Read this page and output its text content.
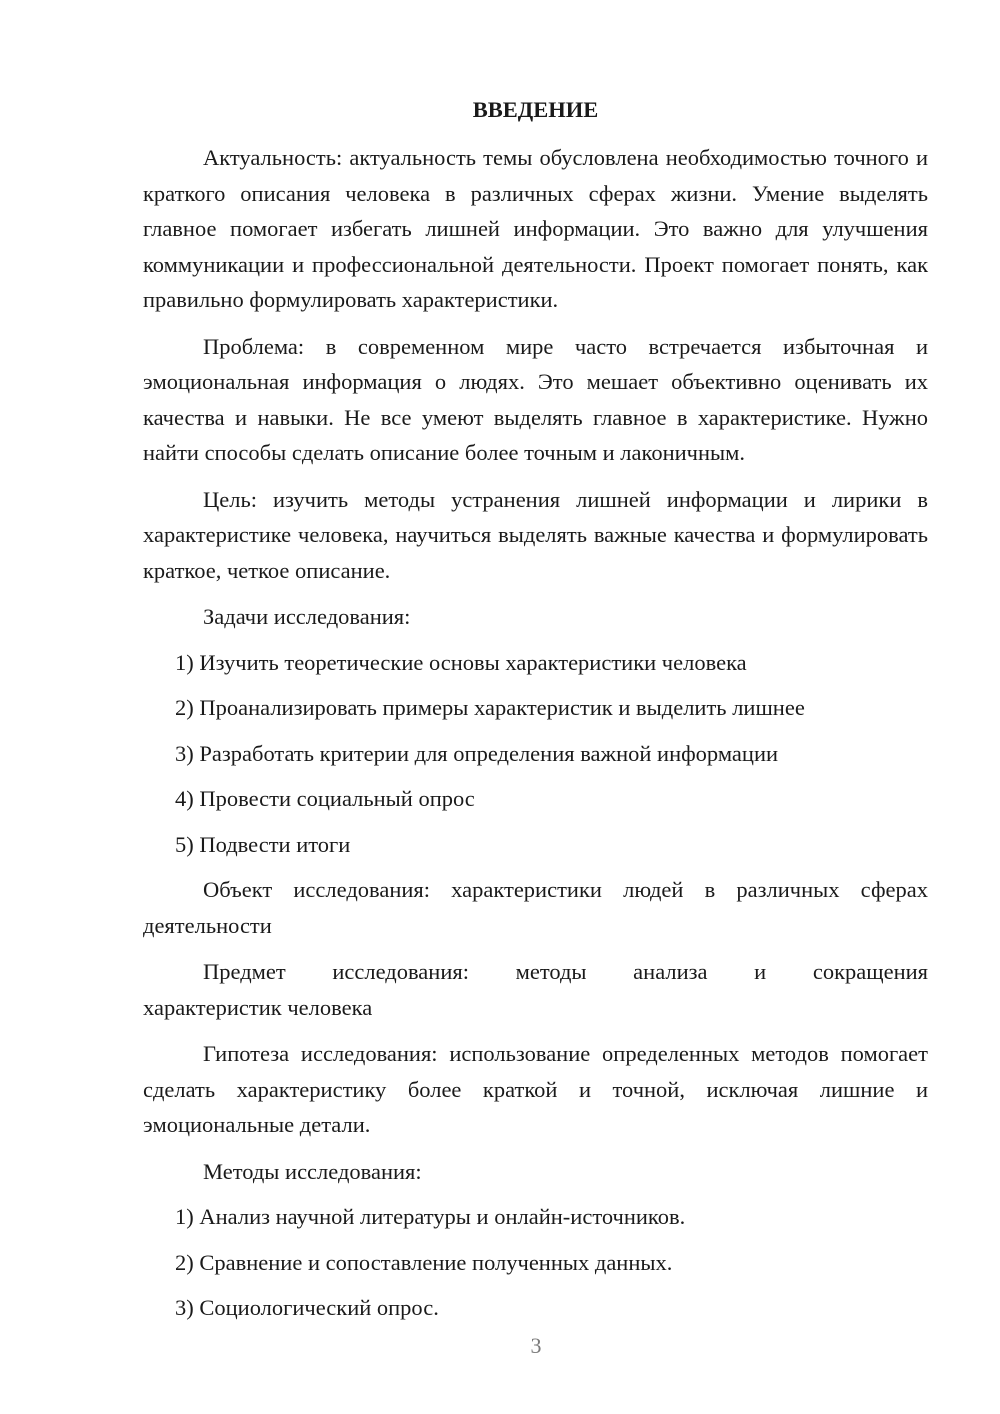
ВВЕДЕНИЕ

Актуальность: актуальность темы обусловлена необходимостью точного и краткого описания человека в различных сферах жизни. Умение выделять главное помогает избегать лишней информации. Это важно для улучшения коммуникации и профессиональной деятельности. Проект помогает понять, как правильно формулировать характеристики.

Проблема: в современном мире часто встречается избыточная и эмоциональная информация о людях. Это мешает объективно оценивать их качества и навыки. Не все умеют выделять главное в характеристике. Нужно найти способы сделать описание более точным и лаконичным.

Цель: изучить методы устранения лишней информации и лирики в характеристике человека, научиться выделять важные качества и формулировать краткое, четкое описание.

Задачи исследования:

1) Изучить теоретические основы характеристики человека
2) Проанализировать примеры характеристик и выделить лишнее
3) Разработать критерии для определения важной информации
4) Провести социальный опрос
5) Подвести итоги

Объект исследования: характеристики людей в различных сферах

деятельности

Предмет исследования: методы анализа и сокращения

характеристик человека

Гипотеза исследования: использование определенных методов помогает сделать характеристику более краткой и точной, исключая лишние и эмоциональные детали.

Методы исследования:

1) Анализ научной литературы и онлайн-источников.
2) Сравнение и сопоставление полученных данных.
3) Социологический опрос.
3
